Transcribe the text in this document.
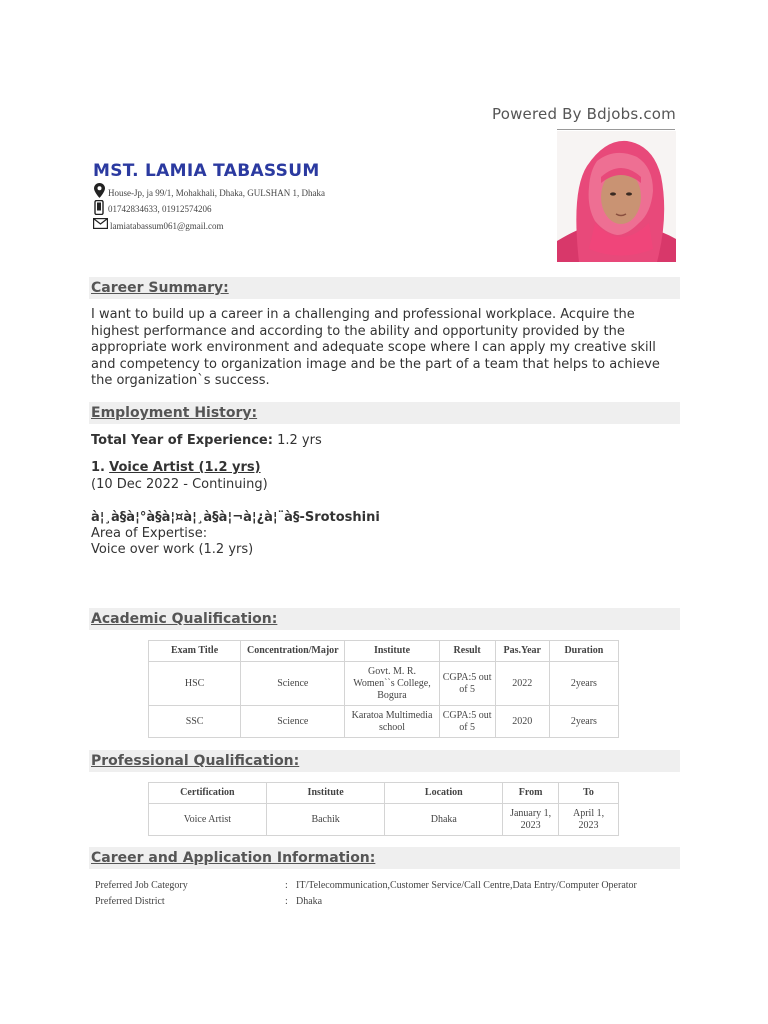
Powered By Bdjobs.com
MST. LAMIA TABASSUM
House-Jp, ja 99/1, Mohakhali, Dhaka, GULSHAN 1, Dhaka
01742834633, 01912574206
lamiatabassum061@gmail.com
Career Summary:
I want to build up a career in a challenging and professional workplace. Acquire the highest performance and according to the ability and opportunity provided by the appropriate work environment and adequate scope where I can apply my creative skill and competency to organization image and be the part of a team that helps to achieve the organization`s success.
Employment History:
Total Year of Experience: 1.2 yrs
1. Voice Artist (1.2 yrs)
(10 Dec 2022 - Continuing)
à¦¸à§à¦°à§à¦¤à¦¸à§à¦¬à¦¿à¦¨à§-Srotoshini
Area of Expertise:
Voice over work (1.2 yrs)
Academic Qualification:
Exam Title	Concentration/Major	Institute	Result	Pas.Year	Duration
HSC	Science	Govt. M. R. Women``s College, Bogura	CGPA:5 out of 5	2022	2years
SSC	Science	Karatoa Multimedia school	CGPA:5 out of 5	2020	2years
Professional Qualification:
Certification	Institute	Location	From	To
Voice Artist	Bachik	Dhaka	January 1, 2023	April 1, 2023
Career and Application Information:
Preferred Job Category	: IT/Telecommunication,Customer Service/Call Centre,Data Entry/Computer Operator
Preferred District	: Dhaka
